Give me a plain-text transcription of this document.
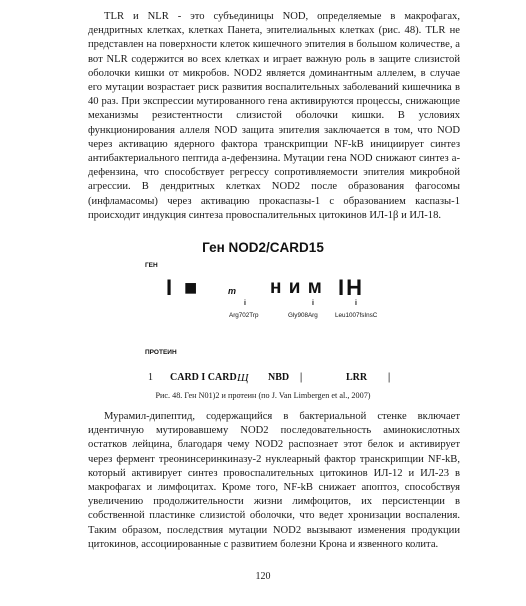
TLR и NLR - это субъединицы NOD, определяемые в макрофагах, дендритных клетках, клетках Панета, эпителиальных клетках (рис. 48). TLR не представлен на поверхности клеток кишечного эпителия в большом количестве, а вот NLR содержится во всех клетках и играет важную роль в защите слизистой оболочки кишки от микробов. NOD2 является доминантным аллелем, в случае его мутации возрастает риск развития воспалительных заболеваний кишечника в 40 раз. При экспрессии мутированного гена активируются процессы, снижающие механизмы резистентности слизистой оболочки кишки. В условиях функционирования аллеля NOD защита эпителия заключается в том, что NOD через активацию ядерного фактора транскрипции NF-kB инициирует синтез антибактериального пептида a-дефензина. Мутации гена NOD снижают синтез a-дефензина, что способствует регрессу сопротивляемости эпителия микробной агрессии. В дендритных клетках NOD2 после образования фагосомы (инфламасомы) через активацию прокаспазы-1 с образованием каспазы-1 происходит индукция синтеза провоспалительных цитокинов ИЛ-1β и ИЛ-18.

Ген NOD2/CARD15
ГЕН
I ■	т н и м IН
i	i	i
Arg702Trp	Gly908Arg	Leu1007fsInsC
ПРОТЕИН
1 CARD I CARD Щ NBD |	LRR |
Рис. 48. Ген N01)2 и протеин (по J. Van Limbergen et al., 2007)

Мурамил-дипептид, содержащийся в бактериальной стенке включает идентичную мутировавшему NOD2 последовательность аминокислотных остатков лейцина, благодаря чему NOD2 распознает этот белок и активирует через фермент треонинсеринкиназу-2 нуклеарный фактор транскрипции NF-kB, который активирует синтез провоспалительных цитокинов ИЛ-12 и ИЛ-23 в макрофагах и лимфоцитах. Кроме того, NF-kB снижает апоптоз, способствуя увеличению продолжительности жизни лимфоцитов, их персистенции в собственной пластинке слизистой оболочки, что ведет хронизации воспаления. Таким образом, последствия мутации NOD2 вызывают изменения продукции цитокинов, ассоциированные с развитием болезни Крона и язвенного колита.

120
